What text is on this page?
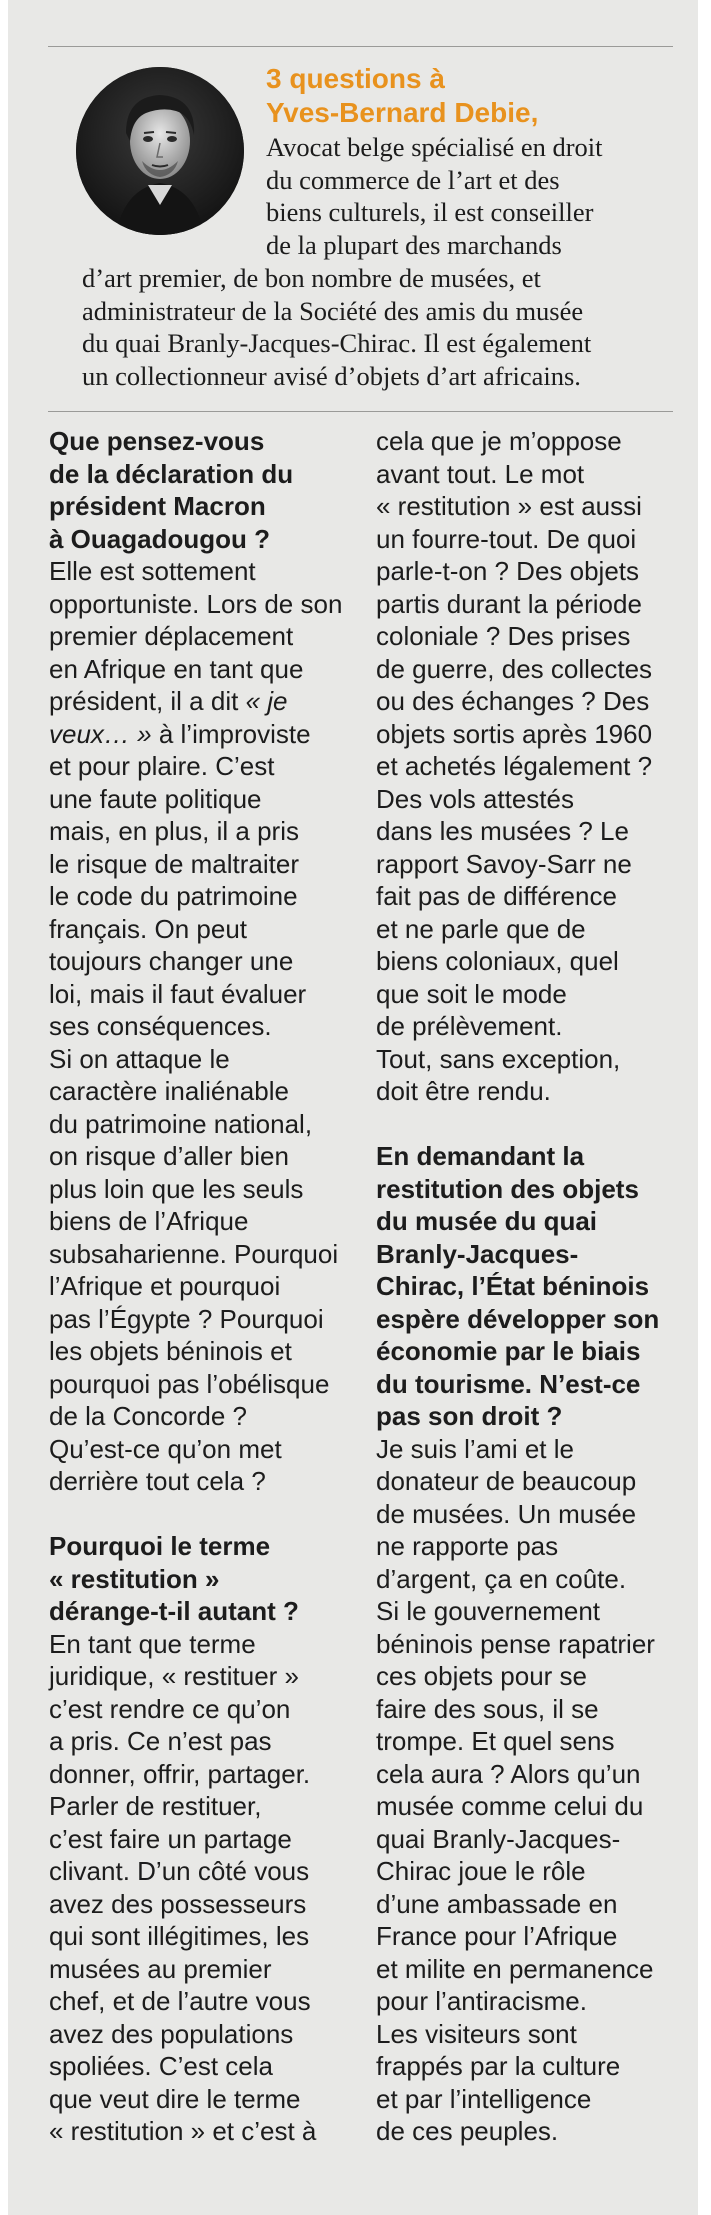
3 questions à
Yves-Bernard Debie,
Avocat belge spécialisé en droit
du commerce de l’art et des
biens culturels, il est conseiller
de la plupart des marchands
d’art premier, de bon nombre de musées, et
administrateur de la Société des amis du musée
du quai Branly-Jacques-Chirac. Il est également
un collectionneur avisé d’objets d’art africains.
Que pensez-vous
de la déclaration du
président Macron
à Ouagadougou ?
Elle est sottement
opportuniste. Lors de son
premier déplacement
en Afrique en tant que
président, il a dit « je
veux… » à l’improviste
et pour plaire. C’est
une faute politique
mais, en plus, il a pris
le risque de maltraiter
le code du patrimoine
français. On peut
toujours changer une
loi, mais il faut évaluer
ses conséquences.
Si on attaque le
caractère inaliénable
du patrimoine national,
on risque d’aller bien
plus loin que les seuls
biens de l’Afrique
subsaharienne. Pourquoi
l’Afrique et pourquoi
pas l’Égypte ? Pourquoi
les objets béninois et
pourquoi pas l’obélisque
de la Concorde ?
Qu’est-ce qu’on met
derrière tout cela ?
Pourquoi le terme
« restitution »
dérange-t-il autant ?
En tant que terme
juridique, « restituer »
c’est rendre ce qu’on
a pris. Ce n’est pas
donner, offrir, partager.
Parler de restituer,
c’est faire un partage
clivant. D’un côté vous
avez des possesseurs
qui sont illégitimes, les
musées au premier
chef, et de l’autre vous
avez des populations
spoliées. C’est cela
que veut dire le terme
« restitution » et c’est à
cela que je m’oppose
avant tout. Le mot
« restitution » est aussi
un fourre-tout. De quoi
parle-t-on ? Des objets
partis durant la période
coloniale ? Des prises
de guerre, des collectes
ou des échanges ? Des
objets sortis après 1960
et achetés légalement ?
Des vols attestés
dans les musées ? Le
rapport Savoy-Sarr ne
fait pas de différence
et ne parle que de
biens coloniaux, quel
que soit le mode
de prélèvement.
Tout, sans exception,
doit être rendu.
En demandant la
restitution des objets
du musée du quai
Branly-Jacques-
Chirac, l’État béninois
espère développer son
économie par le biais
du tourisme. N’est-ce
pas son droit ?
Je suis l’ami et le
donateur de beaucoup
de musées. Un musée
ne rapporte pas
d’argent, ça en coûte.
Si le gouvernement
béninois pense rapatrier
ces objets pour se
faire des sous, il se
trompe. Et quel sens
cela aura ? Alors qu’un
musée comme celui du
quai Branly-Jacques-
Chirac joue le rôle
d’une ambassade en
France pour l’Afrique
et milite en permanence
pour l’antiracisme.
Les visiteurs sont
frappés par la culture
et par l’intelligence
de ces peuples.
